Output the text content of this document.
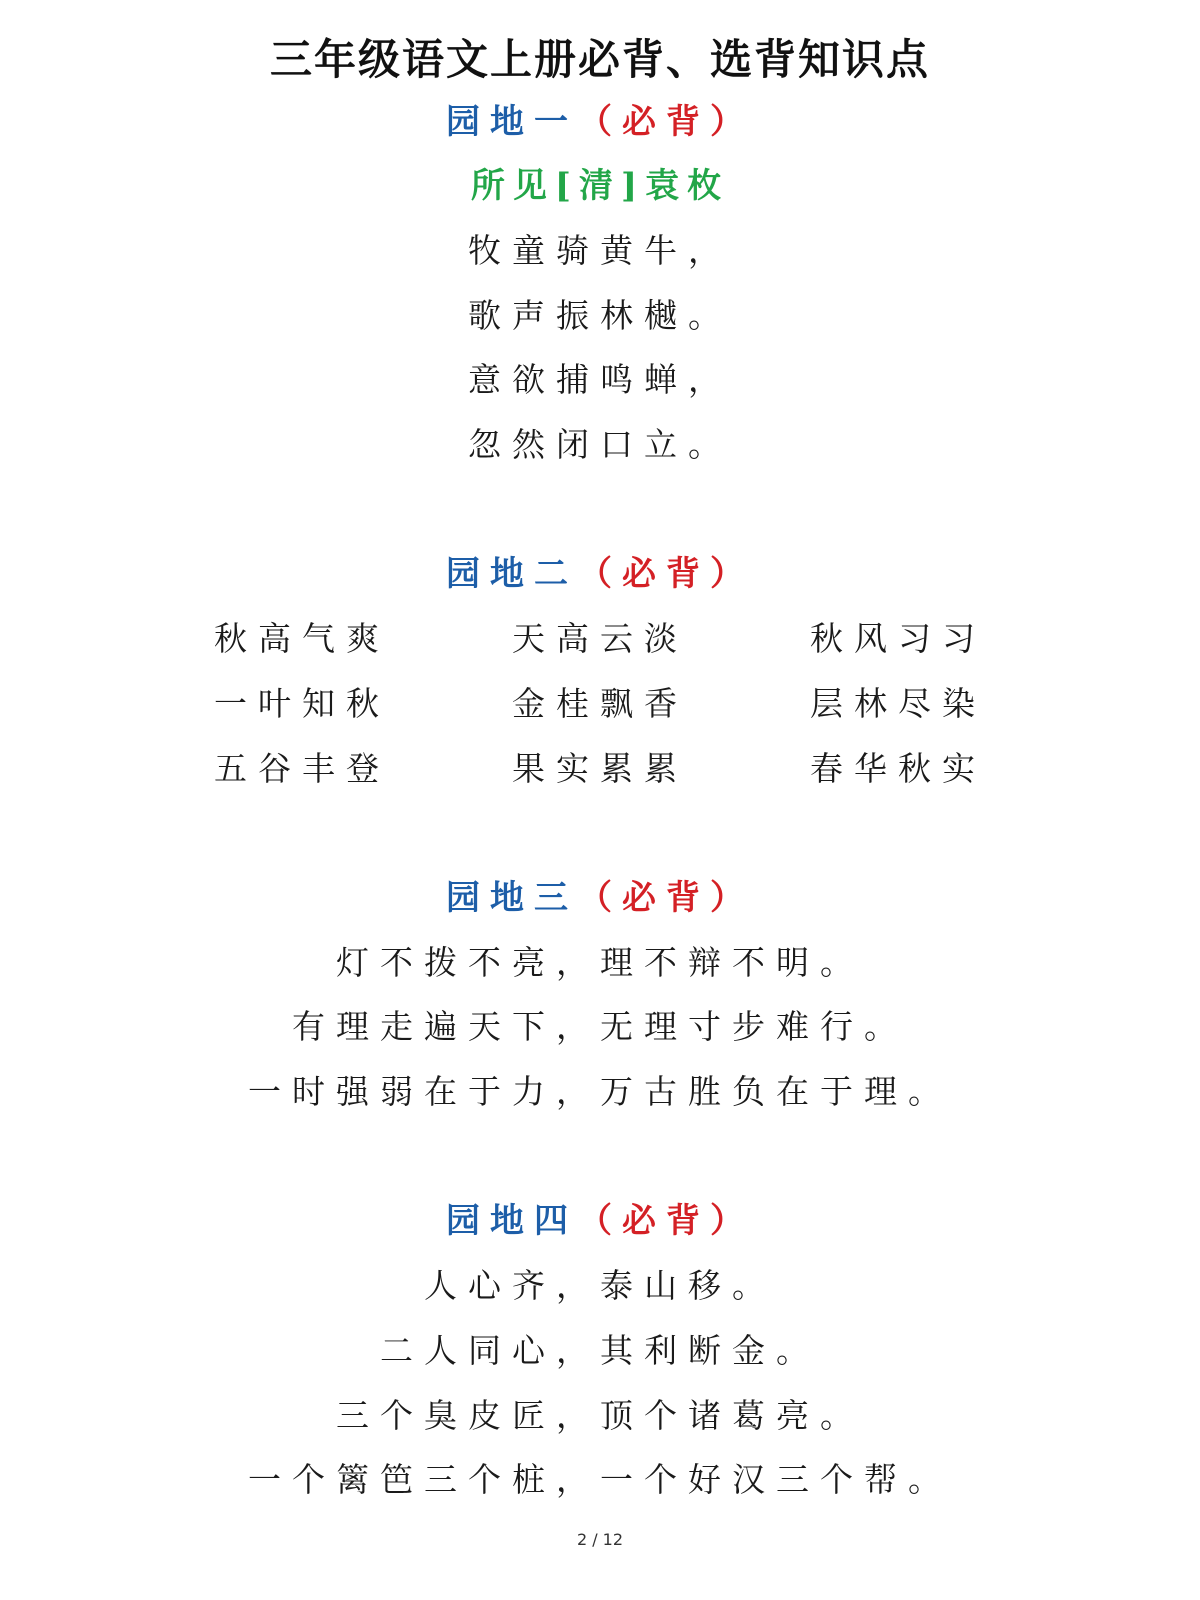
三年级语文上册必背、选背知识点
园地一（必背）
所见[清]袁枚
牧童骑黄牛，
歌声振林樾。
意欲捕鸣蝉，
忽然闭口立。
园地二（必背）
秋高气爽	天高云淡	秋风习习
一叶知秋	金桂飘香	层林尽染
五谷丰登	果实累累	春华秋实
园地三（必背）
灯不拨不亮，理不辩不明。
有理走遍天下，无理寸步难行。
一时强弱在于力，万古胜负在于理。
园地四（必背）
人心齐，泰山移。
二人同心，其利断金。
三个臭皮匠，顶个诸葛亮。
一个篱笆三个桩，一个好汉三个帮。
2 / 12
